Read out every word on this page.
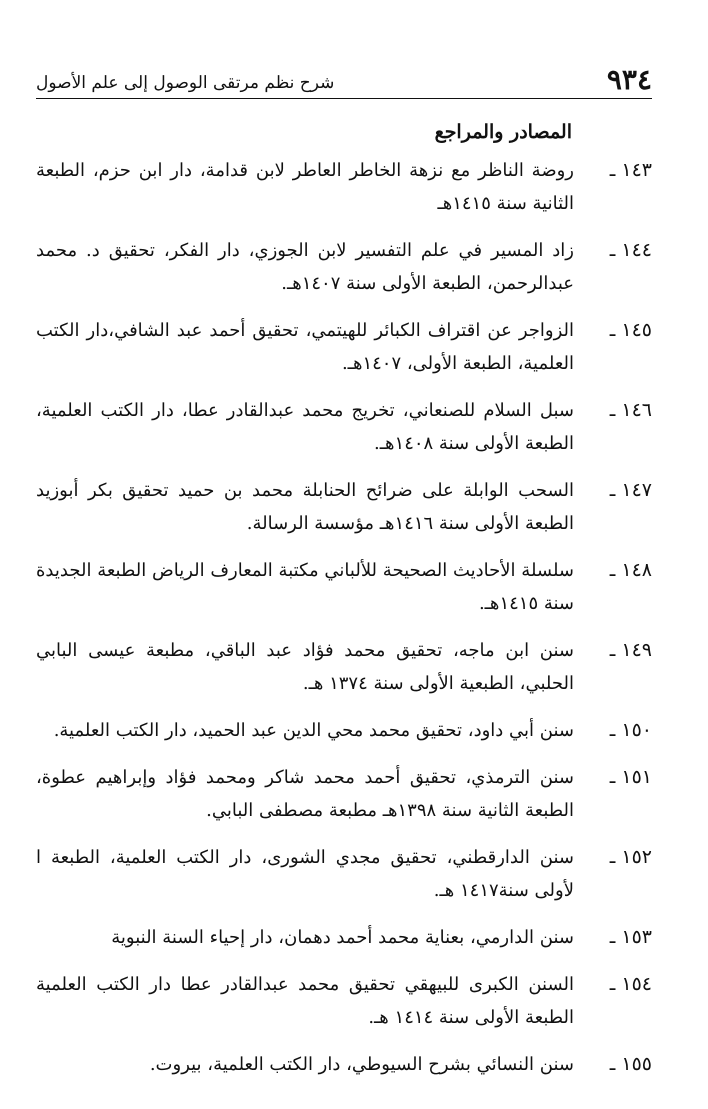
٩٣٤
شرح نظم مرتقى الوصول إلى علم الأصول
المصادر والمراجع
١٤٣ ـ
روضة الناظر مع نزهة الخاطر العاطر لابن قدامة، دار ابن حزم، الطبعة الثانية سنة ١٤١٥هـ
١٤٤ ـ
زاد المسير في علم التفسير لابن الجوزي، دار الفكر، تحقيق د. محمد عبدالرحمن، الطبعة الأولى سنة ١٤٠٧هـ.
١٤٥ ـ
الزواجر عن اقتراف الكبائر للهيتمي، تحقيق أحمد عبد الشافي،دار الكتب العلمية، الطبعة الأولى، ١٤٠٧هـ.
١٤٦ ـ
سبل السلام للصنعاني، تخريج محمد عبدالقادر عطا، دار الكتب العلمية، الطبعة الأولى سنة ١٤٠٨هـ.
١٤٧ ـ
السحب الوابلة على ضرائح الحنابلة محمد بن حميد تحقيق بكر أبوزيد الطبعة الأولى سنة ١٤١٦هـ مؤسسة الرسالة.
١٤٨ ـ
سلسلة الأحاديث الصحيحة للألباني مكتبة المعارف الرياض الطبعة الجديدة سنة ١٤١٥هـ.
١٤٩ ـ
سنن ابن ماجه، تحقيق محمد فؤاد عبد الباقي، مطبعة عيسى البابي الحلبي، الطبعية الأولى سنة ١٣٧٤ هـ.
١٥٠ ـ
سنن أبي داود، تحقيق محمد محي الدين عبد الحميد، دار الكتب العلمية.
١٥١ ـ
سنن الترمذي، تحقيق أحمد محمد شاكر ومحمد فؤاد وإبراهيم عطوة، الطبعة الثانية سنة ١٣٩٨هـ مطبعة مصطفى البابي.
١٥٢ ـ
سنن الدارقطني، تحقيق مجدي الشورى، دار الكتب العلمية، الطبعة ا لأولى سنة١٤١٧ هـ.
١٥٣ ـ
سنن الدارمي، بعناية محمد أحمد دهمان، دار إحياء السنة النبوية
١٥٤ ـ
السنن الكبرى للبيهقي تحقيق محمد عبدالقادر عطا دار الكتب العلمية الطبعة الأولى سنة ١٤١٤ هـ.
١٥٥ ـ
سنن النسائي بشرح السيوطي، دار الكتب العلمية، بيروت.
